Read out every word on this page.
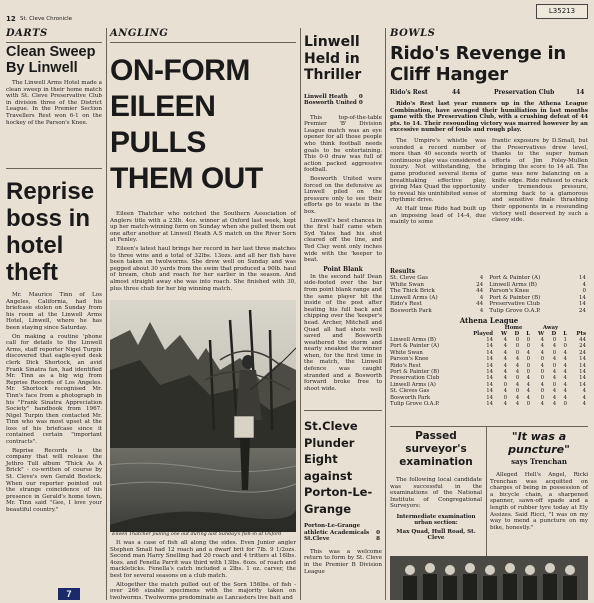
12 St. Cleve Chronicle
L35213
DARTS
Clean Sweep By Linwell
The Linwell Arms Hotel made a clean sweep in their home match with St. Cleve Preservative Club in division three of the District League. In the Premier Section Travellers Rest won 6-1 on the hockey of the Parson's Knee.
Reprise boss in hotel theft

Mr. Maurice Tinn of Los Angeles, California, had his briefcase stolen on Sunday from his room at the Linwell Arms Hotel, Linwell, where he has been staying since Saturday.

On making a routine 'phone call for details to the Linwell Arms, staff reporter Nigel Turpin discovered that eagle-eyed desk clerk Dick Shortock, an avid Frank Sinatra fan, had identified Mr. Tinn as a big wig from Reprise Records of Los Angeles. Mr. Shortock recognised Mr. Tinn's face from a photograph in his "Frank Sinatra Appreciation Society" handbook from 1967. Nigel Turpin then contacted Mr. Tinn who was most upset at the loss of his briefcase since it contained certain "important contracts".

Reprise Records is the company that will release the Jethro Tull album "Thick As A Brick" - co-written of course by St. Cleve's own Gerald Bostock. When our reporter pointed out the strange coincidence of his presence in Gerald's home town, Mr. Tinn said "Gee, I love your beautiful country."

7
ANGLING
ON-FORM EILEEN PULLS THEM OUT
Eileen Thatcher who notched the Southern Association of Anglers title with a 23lb. 4oz. winner at Oxford last week, kept up her match-winning form on Sunday when she pulled them out one after another at Linwell Heath A.S match on the River Sorn at Fenley.
Eileen's latest haul brings her record in her last three matches to three wins and a total of 32lbs. 13ozs. and all her fish have been taken on twolworms. She drew well on Sunday and was pegged about 30 yards from the swim that produced a 90lb. haul of bream, chub and roach for her earlier in the season. And almost straight away she was into roach. She finished with 30, plus three chub for her big winning match.
Eileen Thatcher pulling one out during last Sunday's fish-in at Oxford

It was a case of fish all along the sides. Even Junior angler Stephen Small had 12 roach and a dwarf brit for 7lb. 9 1/2ozs. Second man Harry Snelling had 20 roach and 4 tritters at 16lbs. 4ozs. and Fenella Parrit was third with 13lbs. 6ozs. of roach and mackleticks. Fenella's catch included a 2lbs. 1 oz. carver, the best for several seasons on a club match.

Altogether the match pulled out of the Sorn 156lbs. of fish - over 266 sizable specimens with the majority taken on twolworms. Twolworms predominate as Lancasters live bait and

Linwell Held in Thriller
Linwell Heath	0
Bosworth United	0

This top-of-the-table Premier 'B' Division League match was an eye opener for all those people who think football needs goals to be entertaining. This 0-0 draw was full of action packed aggressive football.

Bosworth United were forced on the defensive as Linwell piled on the pressure only to see their efforts go to waste in the box.

Linwell's best chances in the first half came when Syd Yates had his shot cleared off the line, and Ted Clay went only inches wide with the 'keeper to beat.

Point Blank

In the second half Dean side-footed over the bar from point blank range and the same player hit the inside of the post after beating his full back and chipping over the 'keeper's head. Archer, Mitchell and Quad all had shots well saved and Bosworth weathered the storm and nearly sneaked the winner when, for the first time in the match, the Linwell defence was caught stranded and a Bosworth forward broke free to shoot wide.

St.Cleve Plunder Eight against Porton-Le-Grange
Porton-Le-Grange athletic Academicals	0
St.Cleve	8
This was a welcome return to form by St. Cleve in the Premier B Division League
BOWLS
Rido's Revenge in Cliff Hanger
Rido's Rest	44	Preservation Club	14
Rido's Rest last year runners up in the Athena League Combination, have avenged their humiliation in last months game with the Preservation Club, with a crushing defeat of 44 pts. to 14. Their resounding victory was marred however by an excessive number of fouls and rough play.

The Umpire's whistle was sounded a record number of more than 40 seconds worth of continuous play was considered a luxury. Not withstanding, the game produced several items of breathtaking effective play, giving Max Quad the opportunity to reveal his uninhibited sense of rhythmic drive.

At Half time Rido had built up an imposing lead of 14-4, due mainly to some

frantic exposure by D.Small, but the Preservatives drew level, thanks to the super human efforts of Jim Foley-Mullen bringing the score to 14 all. The game was now balancing on a knife edge. Rido refused to crack under tremendous pressure, storming back to a glamorous and sensitive finale thrashing their opponents in a resounding victory well deserved by such a classy side.

Results
St. Cleve Gas	4	Port & Painter (A)	14
White Swan	24	Linwell Arms (B)	4
The Thick Brick	44	Parson's Knee	0
Linwell Arms (A)	4	Port & Painter (B)	14
Rido's Rest	44	Preservative Club	14
Bosworth Park	4	Tulip Grove O.A.P.	24
Athena League
		Home			Away			
	Played	W	D	L	W	D	L	Pts
Linwell Arms (B)	14	4	0	0	4	0	1	44
Port & Painter (A)	14	4	0	0	4	4	0	24
White Swan	14	4	0	4	4	0	4	24
Parson's Knee	14	4	4	0	0	4	4	14
Rido's Rest	14	4	4	0	4	0	4	14
Port & Painter (B)	14	4	4	0	0	4	4	14
Preservation Club	14	4	0	4	0	4	4	14
Linwell Arms (A)	14	0	4	4	4	0	4	14
St. Cleves Gas	14	4	0	4	0	4	4	4
Bosworth Park	14	0	4	4	0	4	4	4
Tulip Grove O.A.P.	14	4	4	0	4	4	0	4
Passed surveyor's examination
The following local candidate was successful in the examinations of the National Institute of Congregational Surveyors:
Intermediate examination urban section:
Max Quad, Hull Road, St. Cleve
"It was a puncture"
says Trenchan
Alleged Hell's Angel, Ricki Trenchan was acquitted on charges of being in possession of a bicycle chain, a sharpened spanner, sawn-off spade and a length of rubber tyre today at Ely Assizes. Said Ricci, "I was on my way to mend a puncture on my bike, honestly."
